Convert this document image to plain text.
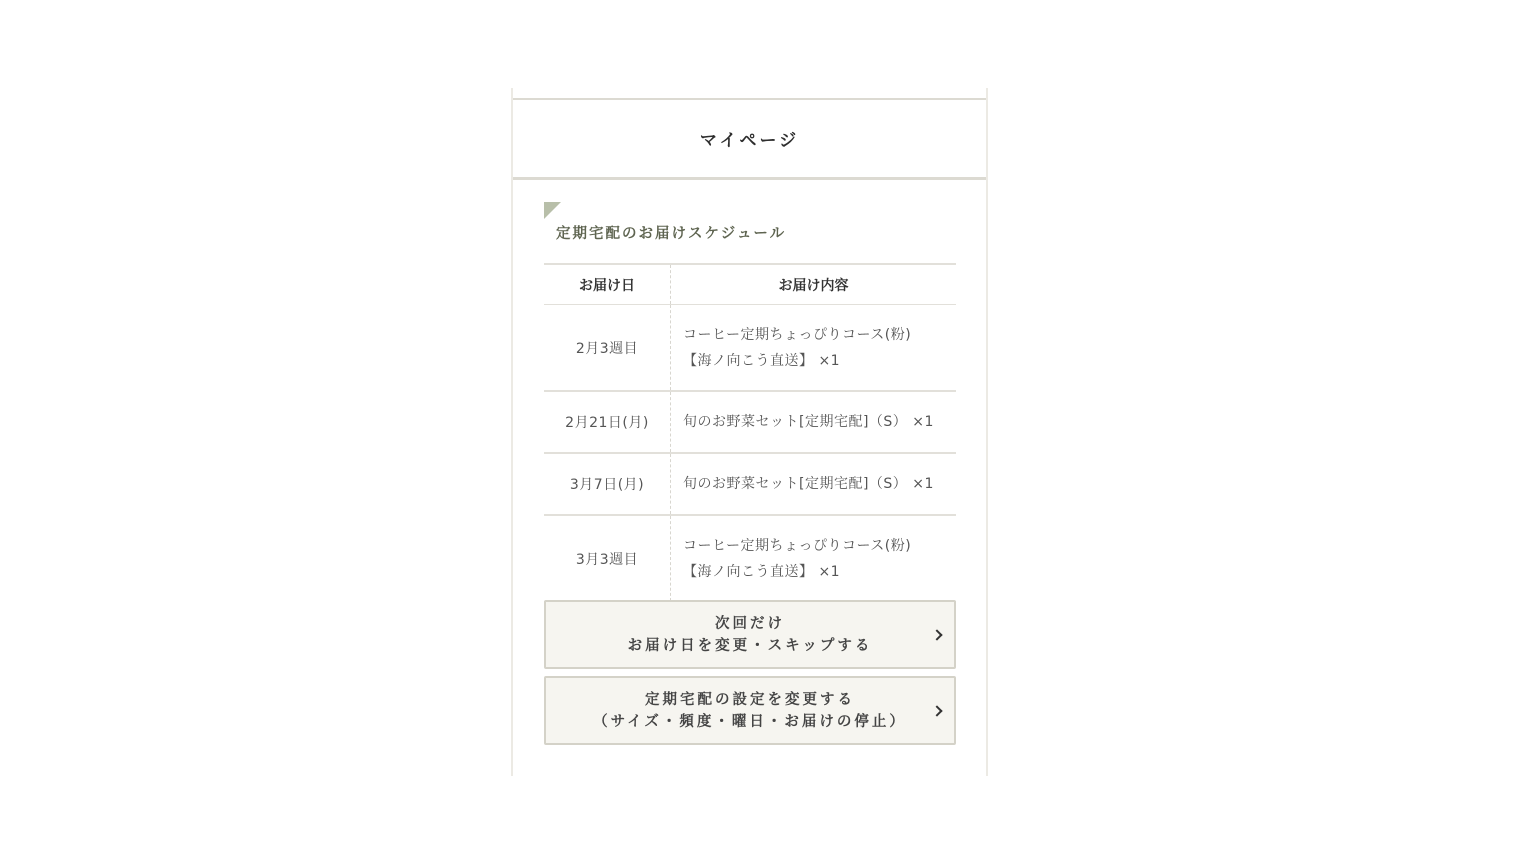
マイページ
定期宅配のお届けスケジュール
お届け日	お届け内容
2月3週目	コーヒー定期ちょっぴりコース(粉)
【海ノ向こう直送】 ×1

2月21日(月)	旬のお野菜セット[定期宅配]（S） ×1

3月7日(月)	旬のお野菜セット[定期宅配]（S） ×1

3月3週目	コーヒー定期ちょっぴりコース(粉)
【海ノ向こう直送】 ×1
次回だけ
お届け日を変更・スキップする
定期宅配の設定を変更する
（サイズ・頻度・曜日・お届けの停止）
